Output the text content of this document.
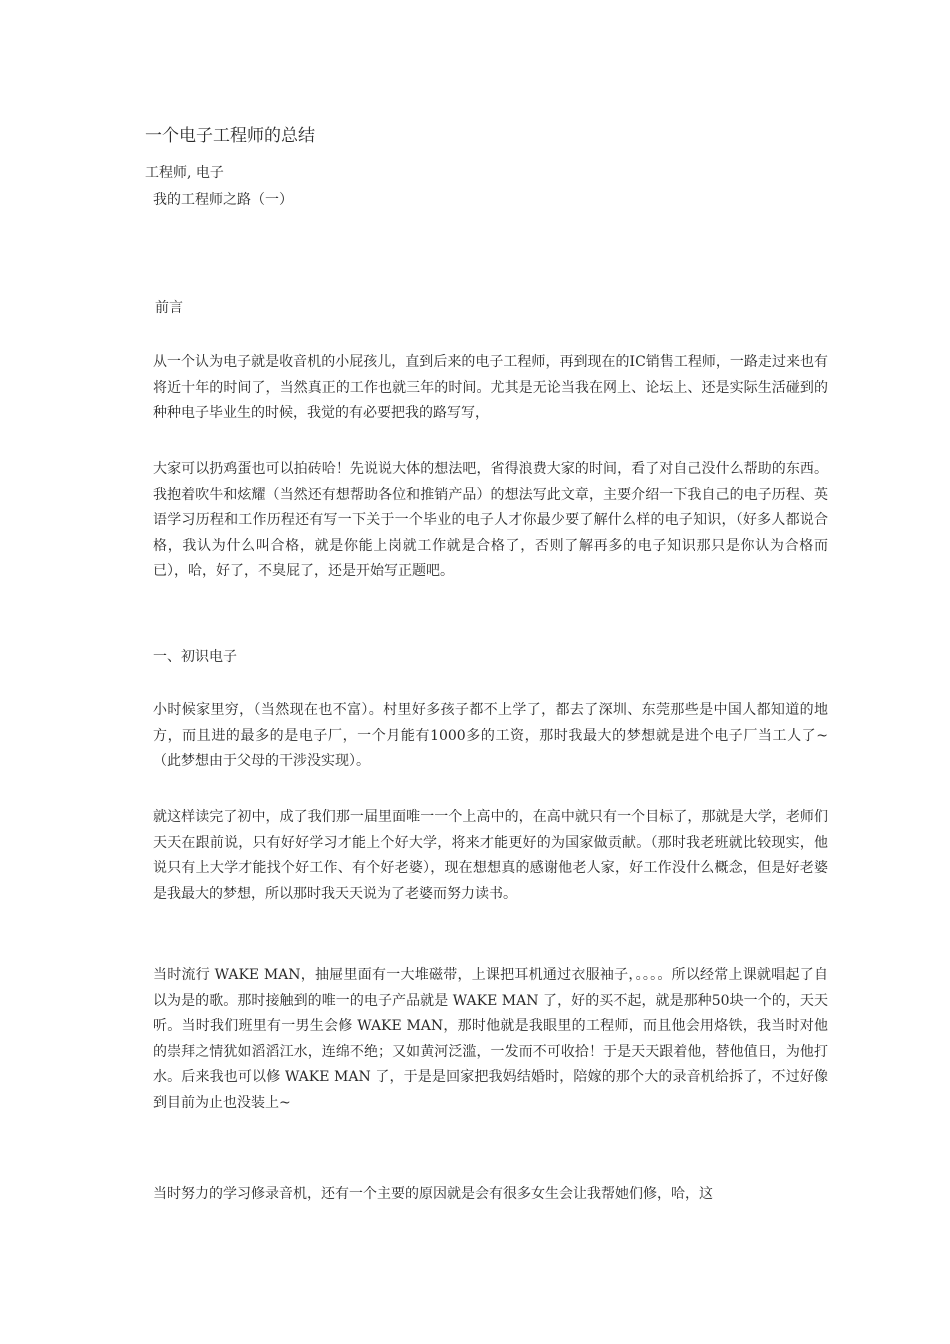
一个电子工程师的总结
工程师, 电子
我的工程师之路（一）
前言

从一个认为电子就是收音机的小屁孩儿，直到后来的电子工程师，再到现在的IC销售工程师，一路走过来也有将近十年的时间了，当然真正的工作也就三年的时间。尤其是无论当我在网上、论坛上、还是实际生活碰到的种种电子毕业生的时候，我觉的有必要把我的路写写，

大家可以扔鸡蛋也可以拍砖哈！先说说大体的想法吧，省得浪费大家的时间，看了对自己没什么帮助的东西。我抱着吹牛和炫耀（当然还有想帮助各位和推销产品）的想法写此文章，主要介绍一下我自己的电子历程、英语学习历程和工作历程还有写一下关于一个毕业的电子人才你最少要了解什么样的电子知识，（好多人都说合格，我认为什么叫合格，就是你能上岗就工作就是合格了，否则了解再多的电子知识那只是你认为合格而已），哈，好了，不臭屁了，还是开始写正题吧。

一、初识电子

小时候家里穷，（当然现在也不富）。村里好多孩子都不上学了，都去了深圳、东莞那些是中国人都知道的地方，而且进的最多的是电子厂，一个月能有1000多的工资，那时我最大的梦想就是进个电子厂当工人了~（此梦想由于父母的干涉没实现）。

就这样读完了初中，成了我们那一届里面唯一一个上高中的，在高中就只有一个目标了，那就是大学，老师们天天在跟前说，只有好好学习才能上个好大学，将来才能更好的为国家做贡献。（那时我老班就比较现实，他说只有上大学才能找个好工作、有个好老婆），现在想想真的感谢他老人家，好工作没什么概念，但是好老婆是我最大的梦想，所以那时我天天说为了老婆而努力读书。

当时流行 WAKE MAN，抽屉里面有一大堆磁带，上课把耳机通过衣服袖子，。。。。所以经常上课就唱起了自以为是的歌。那时接触到的唯一的电子产品就是 WAKE MAN 了，好的买不起，就是那种50块一个的，天天听。当时我们班里有一男生会修 WAKE MAN，那时他就是我眼里的工程师，而且他会用烙铁，我当时对他的崇拜之情犹如滔滔江水，连绵不绝；又如黄河泛滥，一发而不可收拾！于是天天跟着他，替他值日，为他打水。后来我也可以修 WAKE MAN 了，于是是回家把我妈结婚时，陪嫁的那个大的录音机给拆了，不过好像到目前为止也没装上~

当时努力的学习修录音机，还有一个主要的原因就是会有很多女生会让我帮她们修，哈，这
